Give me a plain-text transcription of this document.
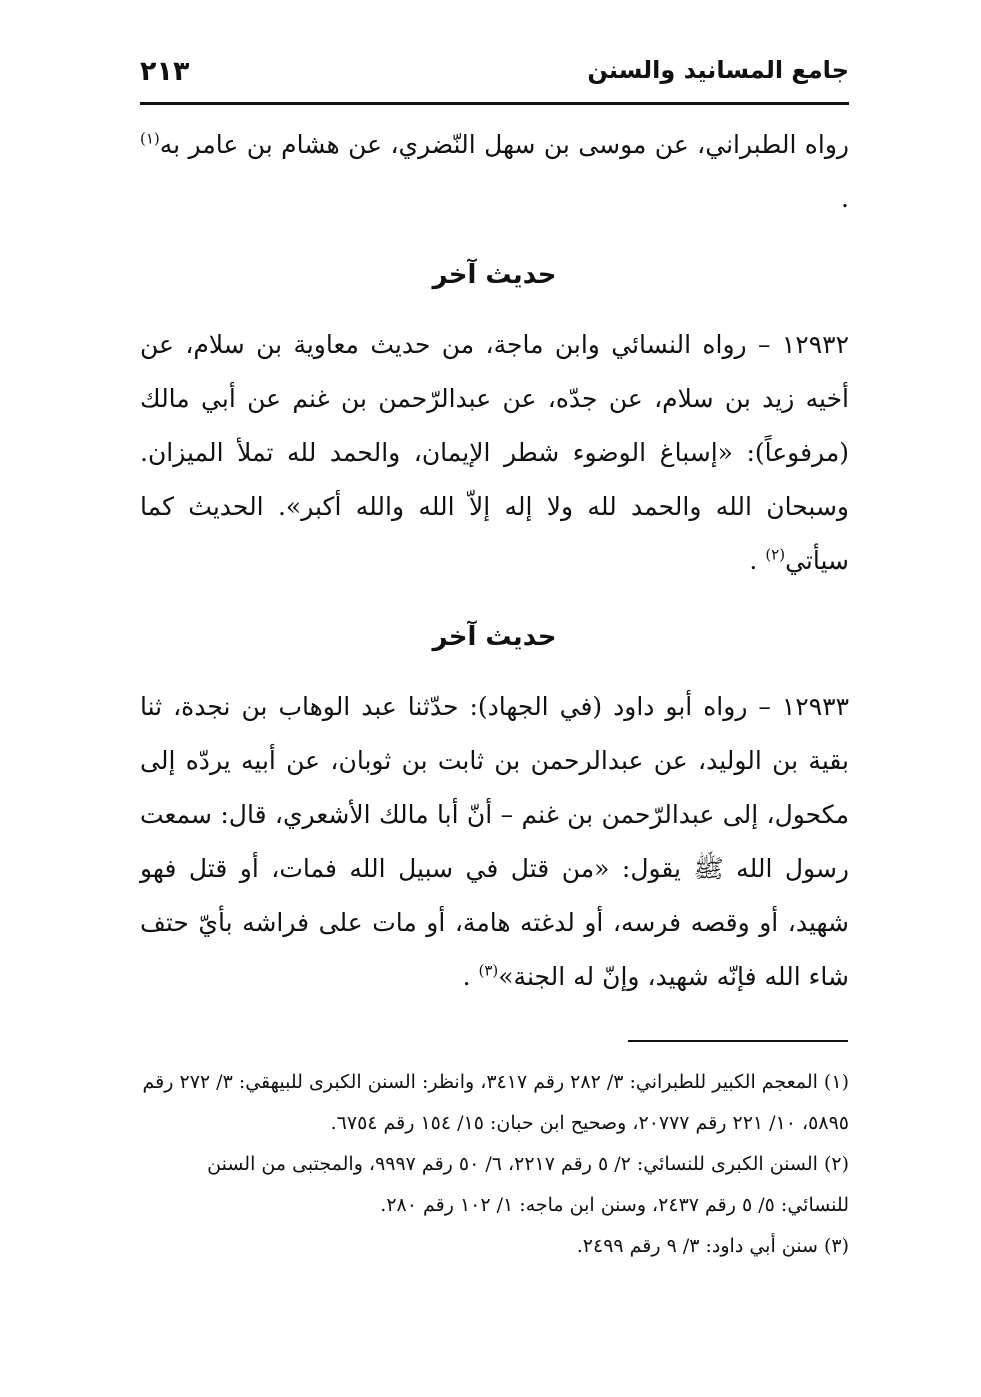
جامع المسانيد والسنن
٢١٣

رواه الطبراني، عن موسى بن سهل النّضري، عن هشام بن عامر به$^{(١)}$ .

حديث آخر

١٢٩٣٢ – رواه النسائي وابن ماجة، من حديث معاوية بن سلام، عن أخيه زيد بن سلام، عن جدّه، عن عبدالرّحمن بن غنم عن أبي مالك (مرفوعاً): «إسباغ الوضوء شطر الإيمان، والحمد لله تملأ الميزان. وسبحان الله والحمد لله ولا إله إلاّ الله والله أكبر». الحديث كما سيأتي$^{(٢)}$ .

حديث آخر

١٢٩٣٣ – رواه أبو داود (في الجهاد): حدّثنا عبد الوهاب بن نجدة، ثنا بقية بن الوليد، عن عبدالرحمن بن ثابت بن ثوبان، عن أبيه يردّه إلى مكحول، إلى عبدالرّحمن بن غنم – أنّ أبا مالك الأشعري، قال: سمعت رسول الله ﷺ يقول: «من قتل في سبيل الله فمات، أو قتل فهو شهيد، أو وقصه فرسه، أو لدغته هامة، أو مات على فراشه بأيّ حتف شاء الله فإنّه شهيد، وإنّ له الجنة»$^{(٣)}$ .

(١) المعجم الكبير للطبراني: ٣/ ٢٨٢ رقم ٣٤١٧، وانظر: السنن الكبرى للبيهقي: ٣/ ٢٧٢ رقم ٥٨٩٥، ١٠/ ٢٢١ رقم ٢٠٧٧٧، وصحيح ابن حبان: ١٥/ ١٥٤ رقم ٦٧٥٤.

(٢) السنن الكبرى للنسائي: ٢/ ٥ رقم ٢٢١٧، ٦/ ٥٠ رقم ٩٩٩٧، والمجتبى من السنن للنسائي: ٥/ ٥ رقم ٢٤٣٧، وسنن ابن ماجه: ١/ ١٠٢ رقم ٢٨٠.

(٣) سنن أبي داود: ٣/ ٩ رقم ٢٤٩٩.
